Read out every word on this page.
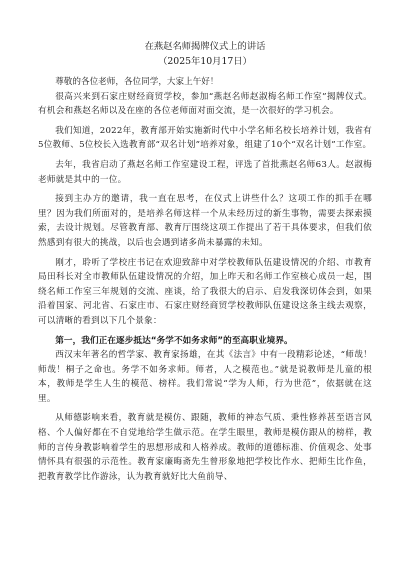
在燕赵名师揭牌仪式上的讲话
（2025年10月17日）
尊敬的各位老师，各位同学，大家上午好！

很高兴来到石家庄财经商贸学校，参加“燕赵名师赵淑梅名师工作室”揭牌仪式。有机会和燕赵名师以及在座的各位老师面对面交流，是一次很好的学习机会。

我们知道，2022年，教育部开始实施新时代中小学名师名校长培养计划，我省有5位教师、5位校长入选教育部“双名计划”培养对象，组建了10个“双名计划”工作室。

去年，我省启动了燕赵名师工作室建设工程，评选了首批燕赵名师63人。赵淑梅老师就是其中的一位。

接到主办方的邀请，我一直在思考，在仪式上讲些什么？这项工作的抓手在哪里？因为我们所面对的，是培养名师这样一个从未经历过的新生事物，需要去探索摸索，去设计规划。尽管教育部、教育厅围绕这项工作提出了若干具体要求，但我们依然感到有很大的挑战，以后也会遇到诸多尚未暴露的未知。

刚才，聆听了学校庄书记在欢迎致辞中对学校教师队伍建设情况的介绍、市教育局田科长对全市教师队伍建设情况的介绍，加上昨天和名师工作室核心成员一起，围绕名师工作室三年规划的交流、座谈，给了我很大的启示、启发我深切体会到，如果沿着国家、河北省、石家庄市、石家庄财经商贸学校教师队伍建设这条主线去观察，可以清晰的看到以下几个景象：

第一，我们正在逐步抵达“务学不如务求师”的至高职业境界。

西汉末年著名的哲学家、教育家扬雄，在其《法言》中有一段精彩论述，“师哉！师哉！桐子之命也。务学不如务求师。师者，人之模范也。”就是说教师是儿童的根本，教师是学生人生的模范、榜样。我们常说“学为人师，行为世范”，依据就在这里。

从师德影响来看，教育就是模仿、跟随，教师的神态气质、秉性修养甚至语言风格、个人偏好都在不自觉地给学生做示范。在学生眼里，教师是模仿跟从的榜样，教师的言传身教影响着学生的思想形成和人格养成。教师的道德标准、价值观念、处事情怀具有很强的示范性。教育家廉晦斋先生曾形象地把学校比作水、把师生比作鱼，把教育教学比作游泳，认为教育就好比大鱼前导、
